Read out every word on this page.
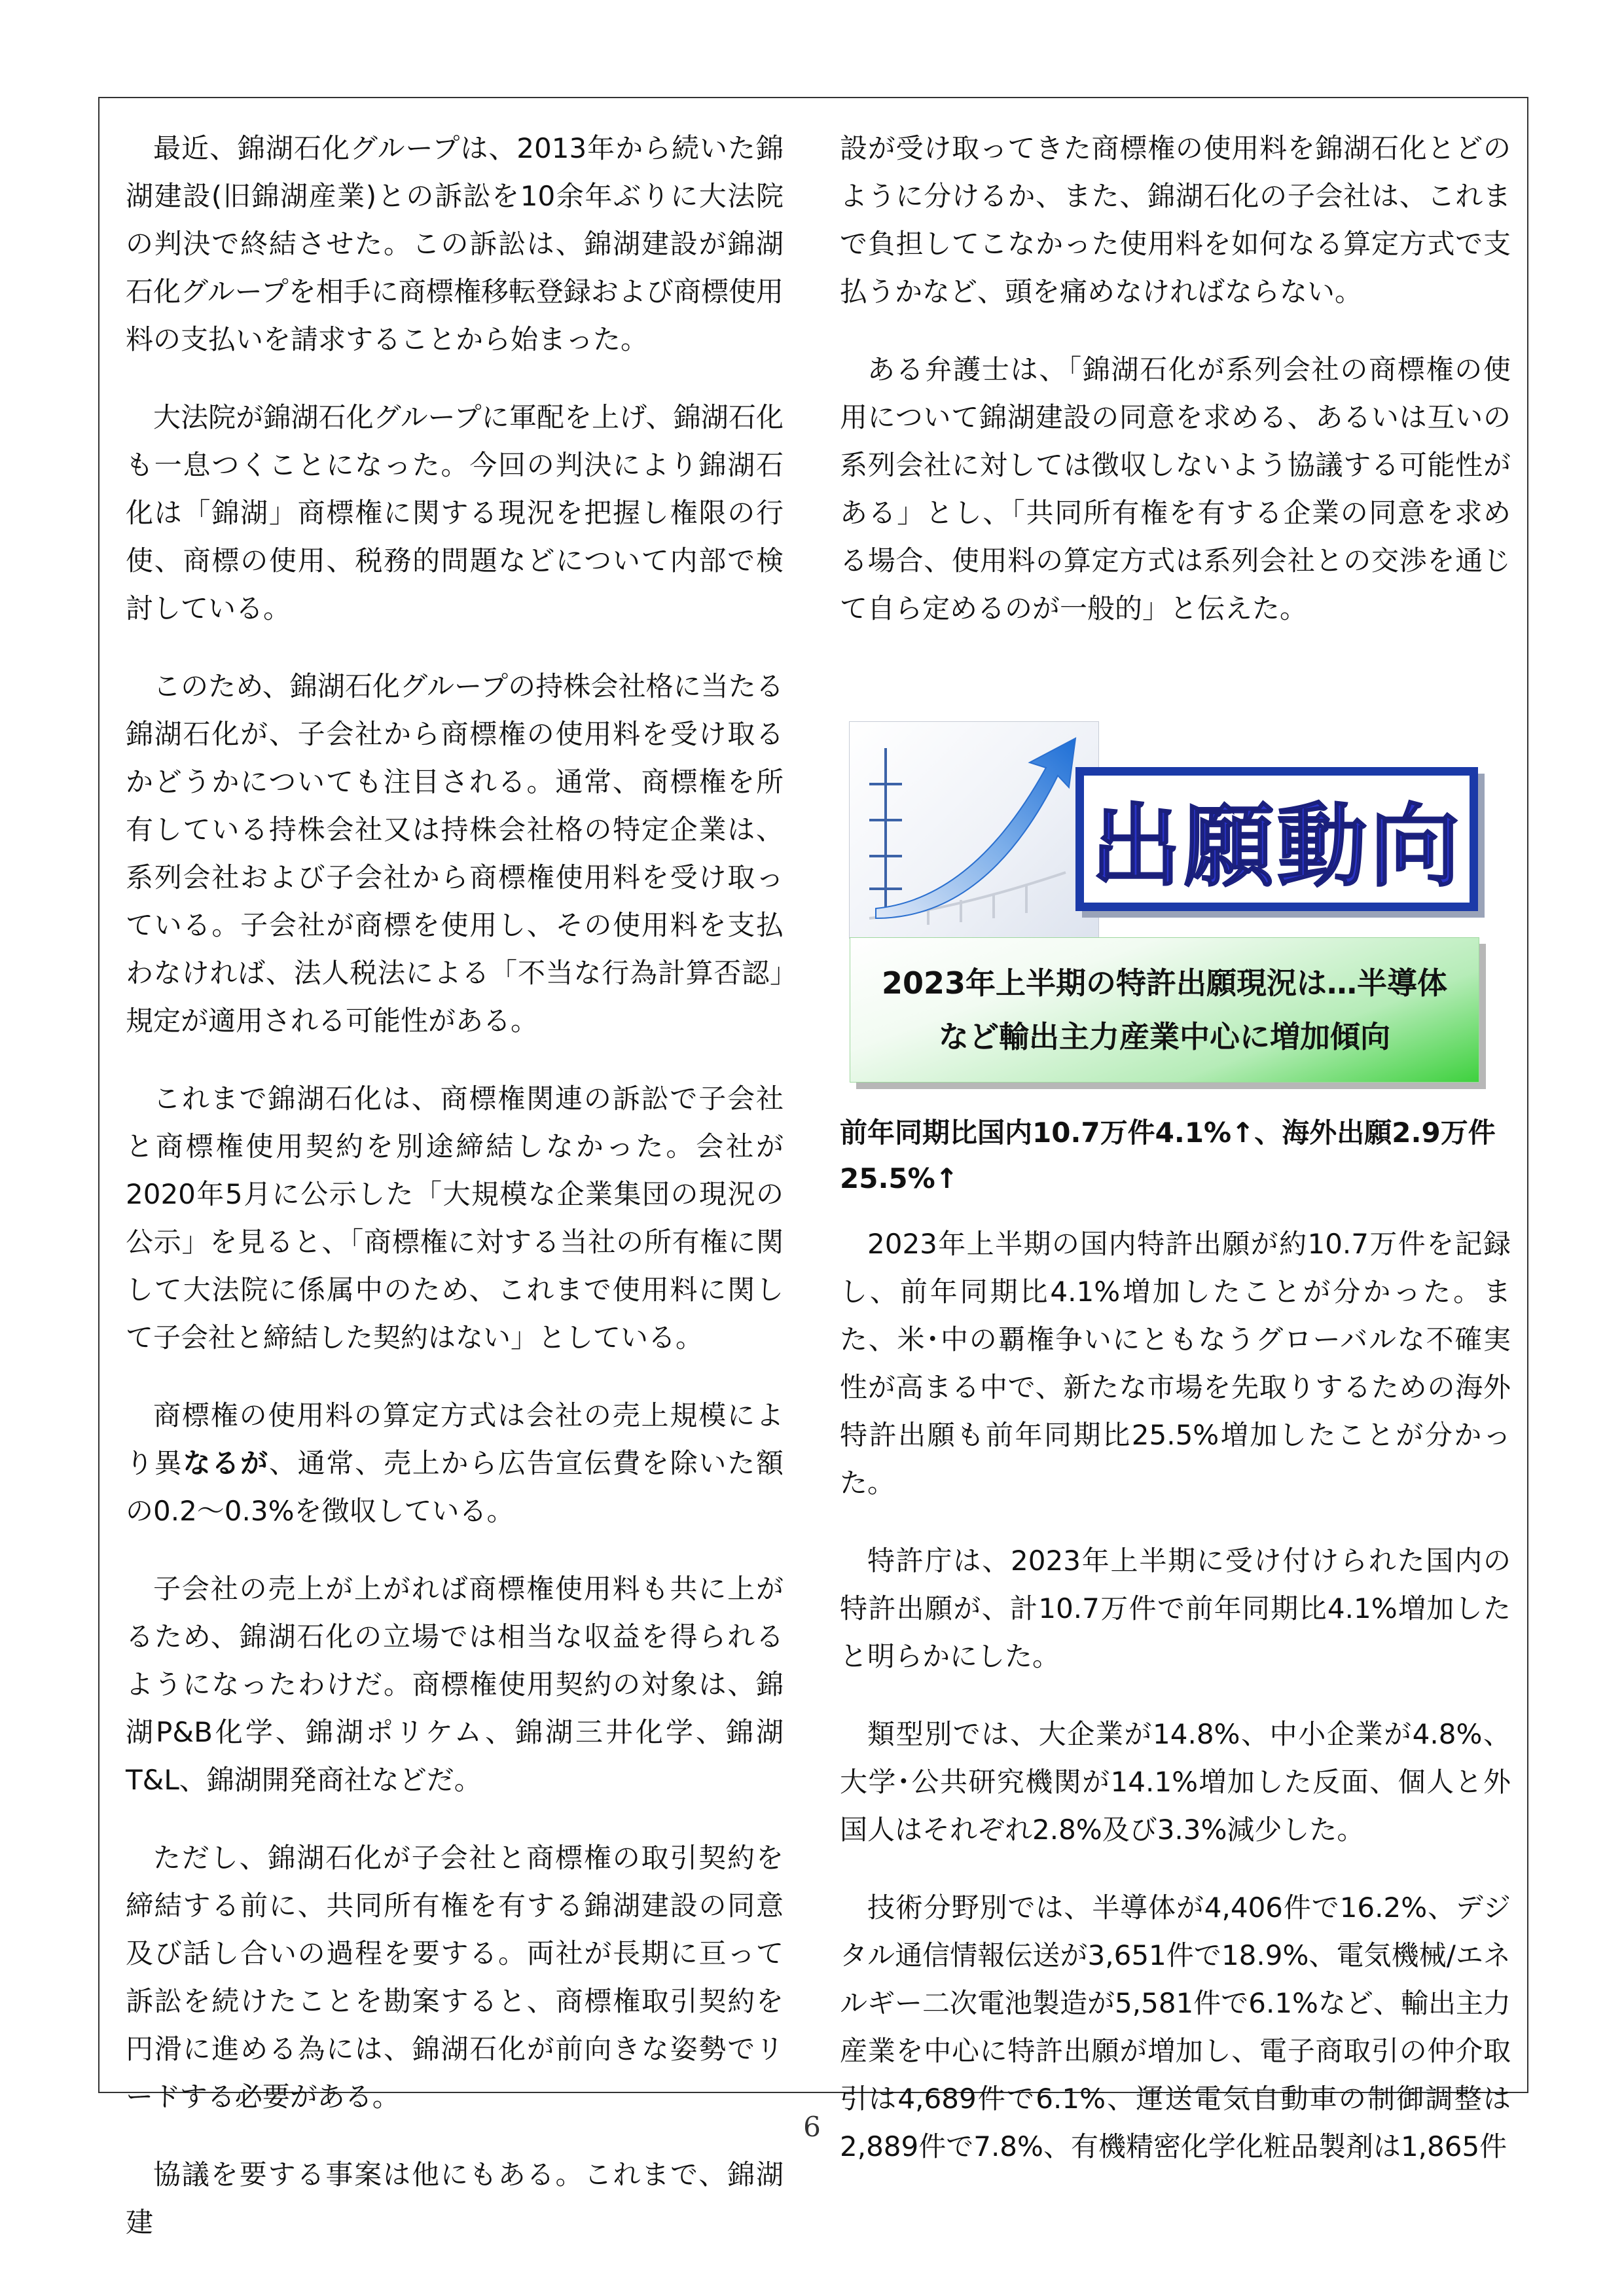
最近、錦湖石化グループは、2013年から続いた錦湖建設(旧錦湖産業)との訴訟を10余年ぶりに大法院の判決で終結させた。この訴訟は、錦湖建設が錦湖石化グループを相手に商標権移転登録および商標使用料の支払いを請求することから始まった。

大法院が錦湖石化グループに軍配を上げ、錦湖石化も一息つくことになった。今回の判決により錦湖石化は「錦湖」商標権に関する現況を把握し権限の行使、商標の使用、税務的問題などについて内部で検討している。

このため、錦湖石化グループの持株会社格に当たる錦湖石化が、子会社から商標権の使用料を受け取るかどうかについても注目される。通常、商標権を所有している持株会社又は持株会社格の特定企業は、系列会社および子会社から商標権使用料を受け取っている。子会社が商標を使用し、その使用料を支払わなければ、法人税法による「不当な行為計算否認」規定が適用される可能性がある。

これまで錦湖石化は、商標権関連の訴訟で子会社と商標権使用契約を別途締結しなかった。会社が2020年5月に公示した「大規模な企業集団の現況の公示」を見ると、「商標権に対する当社の所有権に関して大法院に係属中のため、これまで使用料に関して子会社と締結した契約はない」としている。

商標権の使用料の算定方式は会社の売上規模により異なるが、通常、売上から広告宣伝費を除いた額の0.2～0.3%を徴収している。

子会社の売上が上がれば商標権使用料も共に上がるため、錦湖石化の立場では相当な収益を得られるようになったわけだ。商標権使用契約の対象は、錦湖P&B化学、錦湖ポリケム、錦湖三井化学、錦湖T&L、錦湖開発商社などだ。

ただし、錦湖石化が子会社と商標権の取引契約を締結する前に、共同所有権を有する錦湖建設の同意及び話し合いの過程を要する。両社が長期に亘って訴訟を続けたことを勘案すると、商標権取引契約を円滑に進める為には、錦湖石化が前向きな姿勢でリードする必要がある。

協議を要する事案は他にもある。これまで、錦湖建

設が受け取ってきた商標権の使用料を錦湖石化とどのように分けるか、また、錦湖石化の子会社は、これまで負担してこなかった使用料を如何なる算定方式で支払うかなど、頭を痛めなければならない。

ある弁護士は、「錦湖石化が系列会社の商標権の使用について錦湖建設の同意を求める、あるいは互いの系列会社に対しては徴収しないよう協議する可能性がある」とし、「共同所有権を有する企業の同意を求める場合、使用料の算定方式は系列会社との交渉を通じて自ら定めるのが一般的」と伝えた。

出願動向
2023年上半期の特許出願現況は…半導体
など輸出主力産業中心に増加傾向
前年同期比国内10.7万件4.1%↑、海外出願2.9万件25.5%↑

2023年上半期の国内特許出願が約10.7万件を記録し、前年同期比4.1%増加したことが分かった。また、米･中の覇権争いにともなうグローバルな不確実性が高まる中で、新たな市場を先取りするための海外特許出願も前年同期比25.5%増加したことが分かった。

特許庁は、2023年上半期に受け付けられた国内の特許出願が、計10.7万件で前年同期比4.1%増加したと明らかにした。

類型別では、大企業が14.8%、中小企業が4.8%、大学･公共研究機関が14.1%増加した反面、個人と外国人はそれぞれ2.8%及び3.3%減少した。

技術分野別では、半導体が4,406件で16.2%、デジタル通信情報伝送が3,651件で18.9%、電気機械/エネルギー二次電池製造が5,581件で6.1%など、輸出主力産業を中心に特許出願が増加し、電子商取引の仲介取引は4,689件で6.1%、運送電気自動車の制御調整は2,889件で7.8%、有機精密化学化粧品製剤は1,865件

6
